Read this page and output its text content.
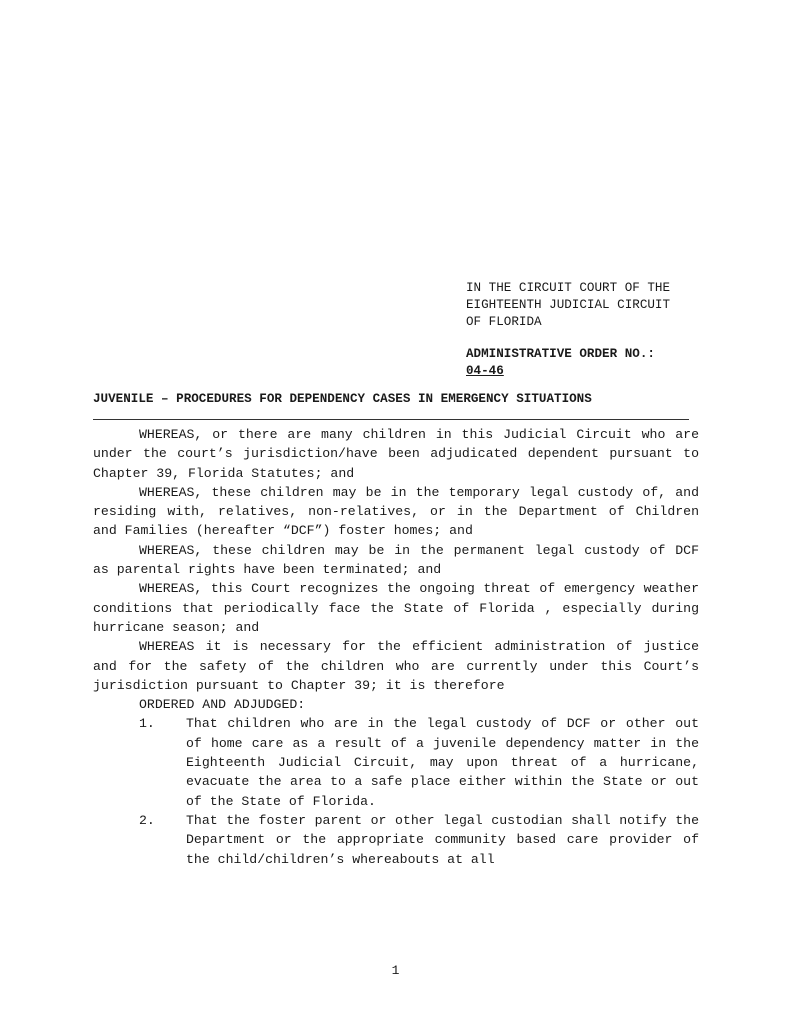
IN THE CIRCUIT COURT OF THE
EIGHTEENTH JUDICIAL CIRCUIT
OF FLORIDA
ADMINISTRATIVE ORDER NO.:
04-46
JUVENILE – PROCEDURES FOR DEPENDENCY CASES IN EMERGENCY SITUATIONS

WHEREAS, or there are many children in this Judicial Circuit who are under the court’s jurisdiction/have been adjudicated dependent pursuant to Chapter 39, Florida Statutes; and

WHEREAS, these children may be in the temporary legal custody of, and residing with, relatives, non-relatives, or in the Department of Children and Families (hereafter “DCF”) foster homes; and

WHEREAS, these children may be in the permanent legal custody of DCF as parental rights have been terminated; and

WHEREAS, this Court recognizes the ongoing threat of emergency weather conditions that periodically face the State of Florida , especially during hurricane season; and

WHEREAS it is necessary for the efficient administration of justice and for the safety of the children who are currently under this Court’s jurisdiction pursuant to Chapter 39; it is therefore

ORDERED AND ADJUDGED:

1. That children who are in the legal custody of DCF or other out of home care as a result of a juvenile dependency matter in the Eighteenth Judicial Circuit, may upon threat of a hurricane, evacuate the area to a safe place either within the State or out of the State of Florida.
2. That the foster parent or other legal custodian shall notify the Department or the appropriate community based care provider of the child/children’s whereabouts at all
1
